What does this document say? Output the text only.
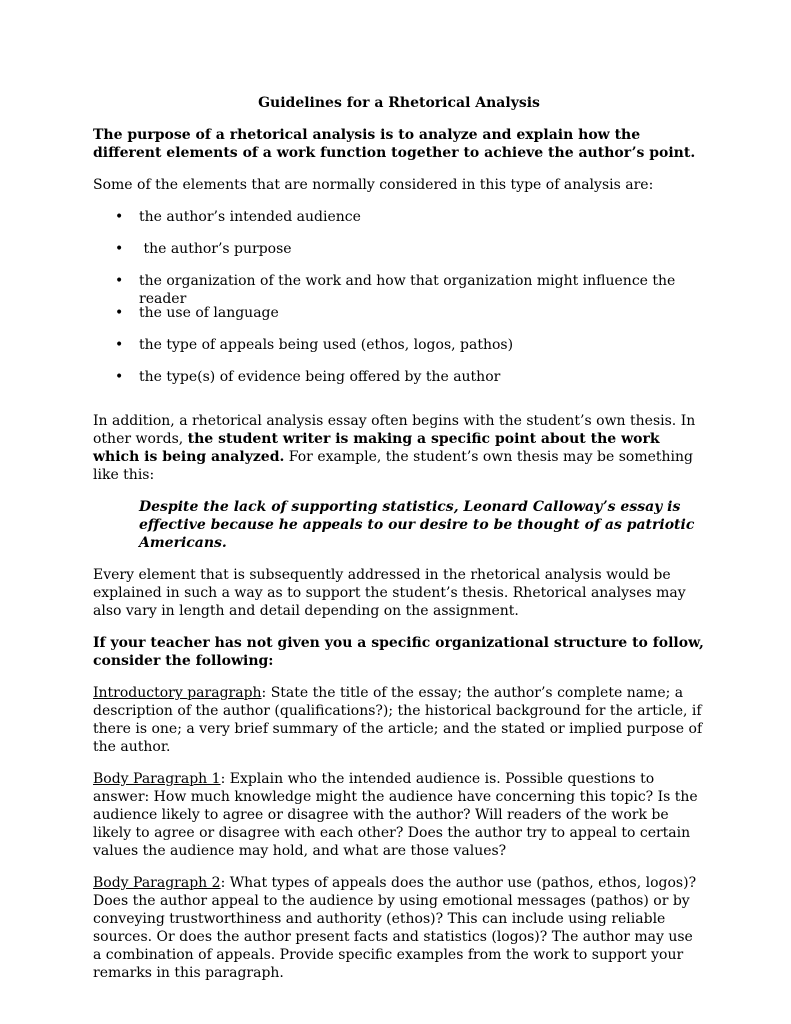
Guidelines for a Rhetorical Analysis
The purpose of a rhetorical analysis is to analyze and explain how the different elements of a work function together to achieve the author’s point.

Some of the elements that are normally considered in this type of analysis are:

• the author’s intended audience
• the author’s purpose
• the organization of the work and how that organization might influence the reader
• the use of language
• the type of appeals being used (ethos, logos, pathos)
• the type(s) of evidence being offered by the author

In addition, a rhetorical analysis essay often begins with the student’s own thesis. In other words, the student writer is making a specific point about the work which is being analyzed. For example, the student’s own thesis may be something like this:

Despite the lack of supporting statistics, Leonard Calloway’s essay is effective because he appeals to our desire to be thought of as patriotic Americans.

Every element that is subsequently addressed in the rhetorical analysis would be explained in such a way as to support the student’s thesis. Rhetorical analyses may also vary in length and detail depending on the assignment.

If your teacher has not given you a specific organizational structure to follow, consider the following:

Introductory paragraph: State the title of the essay; the author’s complete name; a description of the author (qualifications?); the historical background for the article, if there is one; a very brief summary of the article; and the stated or implied purpose of the author.

Body Paragraph 1: Explain who the intended audience is. Possible questions to answer: How much knowledge might the audience have concerning this topic? Is the audience likely to agree or disagree with the author? Will readers of the work be likely to agree or disagree with each other? Does the author try to appeal to certain values the audience may hold, and what are those values?

Body Paragraph 2: What types of appeals does the author use (pathos, ethos, logos)? Does the author appeal to the audience by using emotional messages (pathos) or by conveying trustworthiness and authority (ethos)? This can include using reliable sources. Or does the author present facts and statistics (logos)? The author may use a combination of appeals. Provide specific examples from the work to support your remarks in this paragraph.
